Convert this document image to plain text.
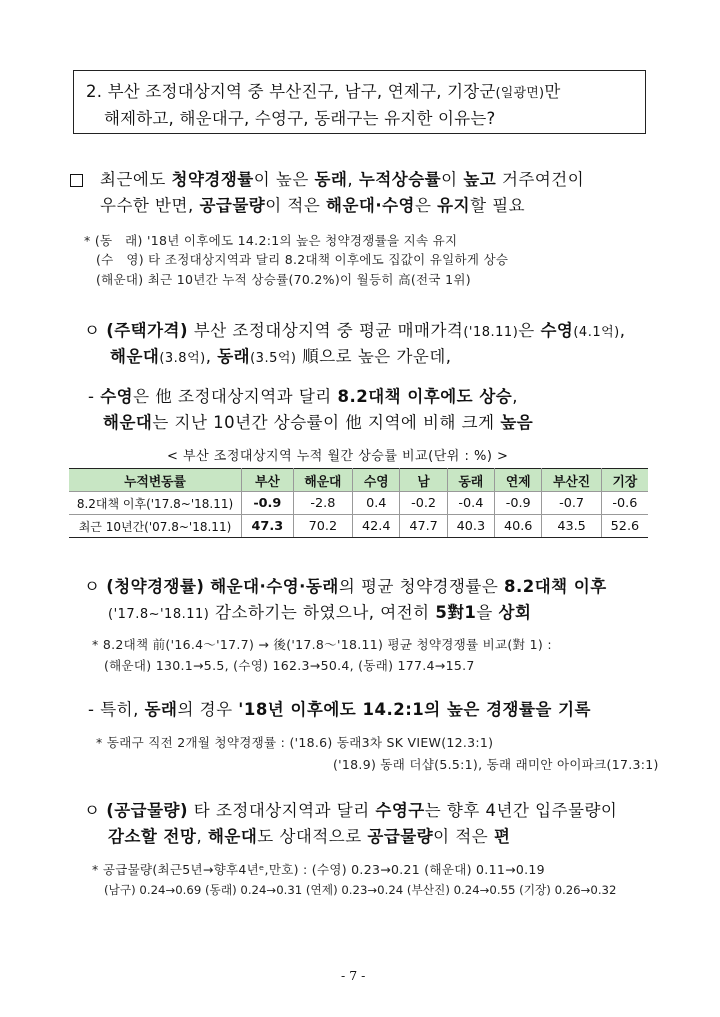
2. 부산 조정대상지역 중 부산진구, 남구, 연제구, 기장군(일광면)만
해제하고, 해운대구, 수영구, 동래구는 유지한 이유는?
최근에도 청약경쟁률이 높은 동래, 누적상승률이 높고 거주여건이
우수한 반면, 공급물량이 적은 해운대·수영은 유지할 필요
* (동　래) '18년 이후에도 14.2:1의 높은 청약경쟁률을 지속 유지
(수　영) 타 조정대상지역과 달리 8.2대책 이후에도 집값이 유일하게 상승
(해운대) 최근 10년간 누적 상승률(70.2%)이 월등히 高(전국 1위)
ㅇ (주택가격) 부산 조정대상지역 중 평균 매매가격('18.11)은 수영(4.1억),
해운대(3.8억), 동래(3.5억) 順으로 높은 가운데,
- 수영은 他 조정대상지역과 달리 8.2대책 이후에도 상승,
해운대는 지난 10년간 상승률이 他 지역에 비해 크게 높음
< 부산 조정대상지역 누적 월간 상승률 비교(단위 : %) >
누적변동률	부산	해운대	수영	남	동래	연제	부산진	기장
8.2대책 이후('17.8~'18.11)	-0.9	-2.8	0.4	-0.2	-0.4	-0.9	-0.7	-0.6
최근 10년간('07.8~'18.11)	47.3	70.2	42.4	47.7	40.3	40.6	43.5	52.6
ㅇ (청약경쟁률) 해운대·수영·동래의 평균 청약경쟁률은 8.2대책 이후
('17.8~'18.11) 감소하기는 하였으나, 여전히 5對1을 상회
* 8.2대책 前('16.4～'17.7) → 後('17.8～'18.11) 평균 청약경쟁률 비교(對 1) :
(해운대) 130.1→5.5, (수영) 162.3→50.4, (동래) 177.4→15.7
- 특히, 동래의 경우 '18년 이후에도 14.2:1의 높은 경쟁률을 기록
* 동래구 직전 2개월 청약경쟁률 : ('18.6) 동래3차 SK VIEW(12.3:1)
('18.9) 동래 더샵(5.5:1), 동래 래미안 아이파크(17.3:1)
ㅇ (공급물량) 타 조정대상지역과 달리 수영구는 향후 4년간 입주물량이
감소할 전망, 해운대도 상대적으로 공급물량이 적은 편
* 공급물량(최근5년→향후4년ᵉ,만호) : (수영) 0.23→0.21 (해운대) 0.11→0.19
(남구) 0.24→0.69 (동래) 0.24→0.31 (연제) 0.23→0.24 (부산진) 0.24→0.55 (기장) 0.26→0.32
- 7 -
